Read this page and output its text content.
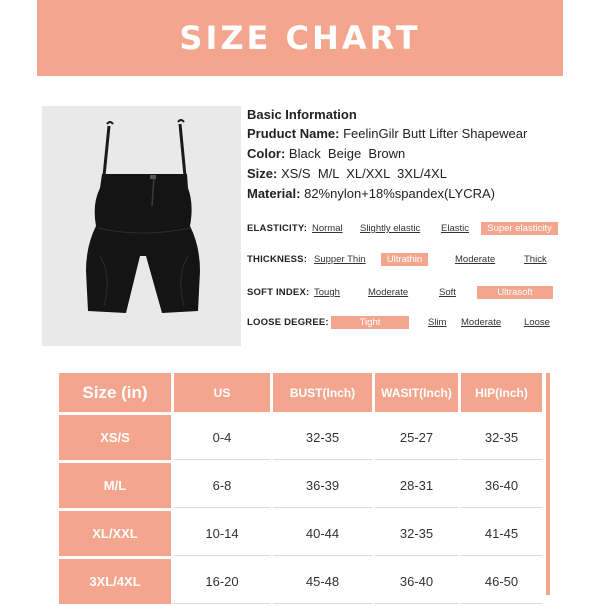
SIZE CHART
Basic Information
Pruduct Name: FeelinGilr Butt Lifter Shapewear
Color: Black  Beige  Brown
Size: XS/S  M/L  XL/XXL  3XL/4XL
Material: 82%nylon+18%spandex(LYCRA)
ELASTICITY: Normal Slightly elastic Elastic	Super elasticity
THICKNESS: Supper Thin	Ultrathin	Moderate	Thick
SOFT INDEX: Tough	Moderate	Soft	Ultrasoft
LOOSE DEGREE:	Tight	Slim Moderate Loose
Size (in)	US	BUST(Inch)	WASIT(Inch)	HIP(Inch)
XS/S	0-4	32-35	25-27	32-35
M/L	6-8	36-39	28-31	36-40
XL/XXL	10-14	40-44	32-35	41-45
3XL/4XL	16-20	45-48	36-40	46-50
